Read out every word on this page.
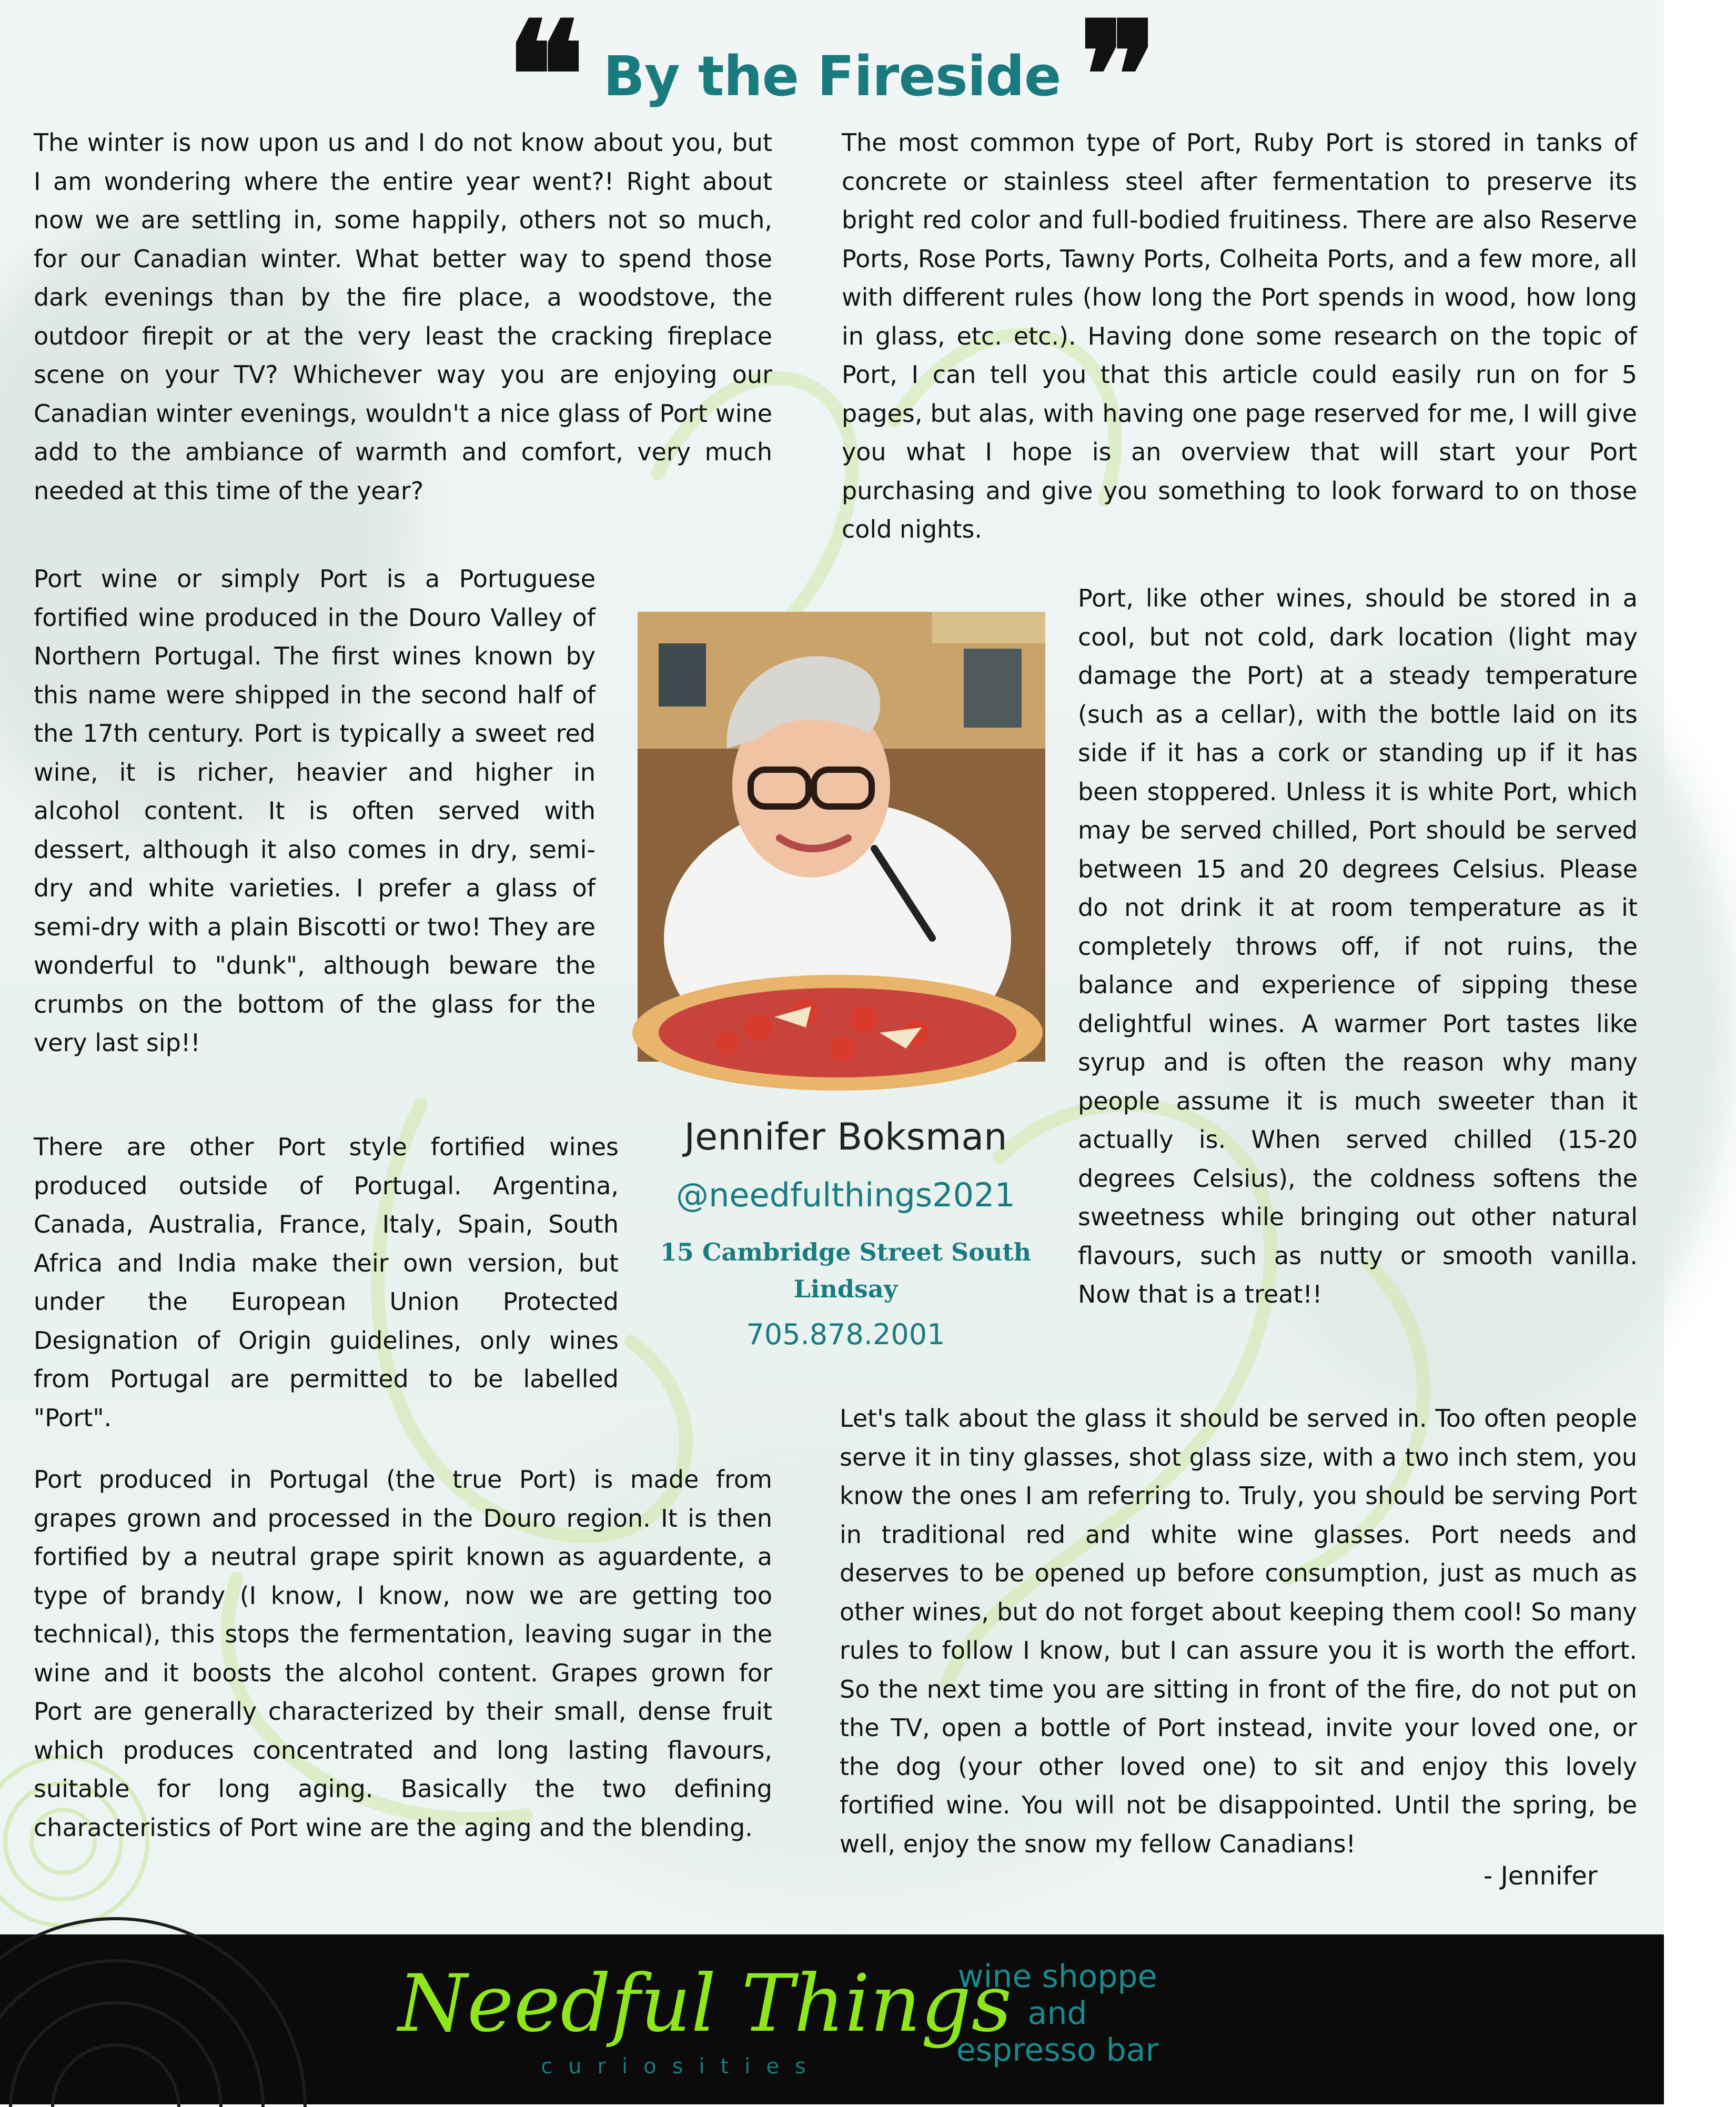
❝ By the Fireside ❞

The winter is now upon us and I do not know about you, but I am wondering where the entire year went?! Right about now we are settling in, some happily, others not so much, for our Canadian winter. What better way to spend those dark evenings than by the fire place, a woodstove, the outdoor firepit or at the very least the cracking fireplace scene on your TV? Whichever way you are enjoying our Canadian winter evenings, wouldn't a nice glass of Port wine add to the ambiance of warmth and comfort, very much needed at this time of the year?

Port wine or simply Port is a Portuguese fortified wine produced in the Douro Valley of Northern Portugal. The first wines known by this name were shipped in the second half of the 17th century. Port is typically a sweet red wine, it is richer, heavier and higher in alcohol content. It is often served with dessert, although it also comes in dry, semi-dry and white varieties. I prefer a glass of semi-dry with a plain Biscotti or two! They are wonderful to "dunk", although beware the crumbs on the bottom of the glass for the very last sip!!

There are other Port style fortified wines produced outside of Portugal. Argentina, Canada, Australia, France, Italy, Spain, South Africa and India make their own version, but under the European Union Protected Designation of Origin guidelines, only wines from Portugal are permitted to be labelled "Port".

Port produced in Portugal (the true Port) is made from grapes grown and processed in the Douro region. It is then fortified by a neutral grape spirit known as aguardente, a type of brandy (I know, I know, now we are getting too technical), this stops the fermentation, leaving sugar in the wine and it boosts the alcohol content. Grapes grown for Port are generally characterized by their small, dense fruit which produces concentrated and long lasting flavours, suitable for long aging. Basically the two defining characteristics of Port wine are the aging and the blending.

The most common type of Port, Ruby Port is stored in tanks of concrete or stainless steel after fermentation to preserve its bright red color and full-bodied fruitiness. There are also Reserve Ports, Rose Ports, Tawny Ports, Colheita Ports, and a few more, all with different rules (how long the Port spends in wood, how long in glass, etc. etc.). Having done some research on the topic of Port, I can tell you that this article could easily run on for 5 pages, but alas, with having one page reserved for me, I will give you what I hope is an overview that will start your Port purchasing and give you something to look forward to on those cold nights.

Port, like other wines, should be stored in a cool, but not cold, dark location (light may damage the Port) at a steady temperature (such as a cellar), with the bottle laid on its side if it has a cork or standing up if it has been stoppered. Unless it is white Port, which may be served chilled, Port should be served between 15 and 20 degrees Celsius. Please do not drink it at room temperature as it completely throws off, if not ruins, the balance and experience of sipping these delightful wines. A warmer Port tastes like syrup and is often the reason why many people assume it is much sweeter than it actually is. When served chilled (15-20 degrees Celsius), the coldness softens the sweetness while bringing out other natural flavours, such as nutty or smooth vanilla. Now that is a treat!!

Let's talk about the glass it should be served in. Too often people serve it in tiny glasses, shot glass size, with a two inch stem, you know the ones I am referring to. Truly, you should be serving Port in traditional red and white wine glasses. Port needs and deserves to be opened up before consumption, just as much as other wines, but do not forget about keeping them cool! So many rules to follow I know, but I can assure you it is worth the effort. So the next time you are sitting in front of the fire, do not put on the TV, open a bottle of Port instead, invite your loved one, or the dog (your other loved one) to sit and enjoy this lovely fortified wine. You will not be disappointed. Until the spring, be well, enjoy the snow my fellow Canadians!

- Jennifer
Jennifer Boksman
@needfulthings2021
15 Cambridge Street South
Lindsay
705.878.2001
Needful Things
curiosities
wine shoppe
and
espresso bar
